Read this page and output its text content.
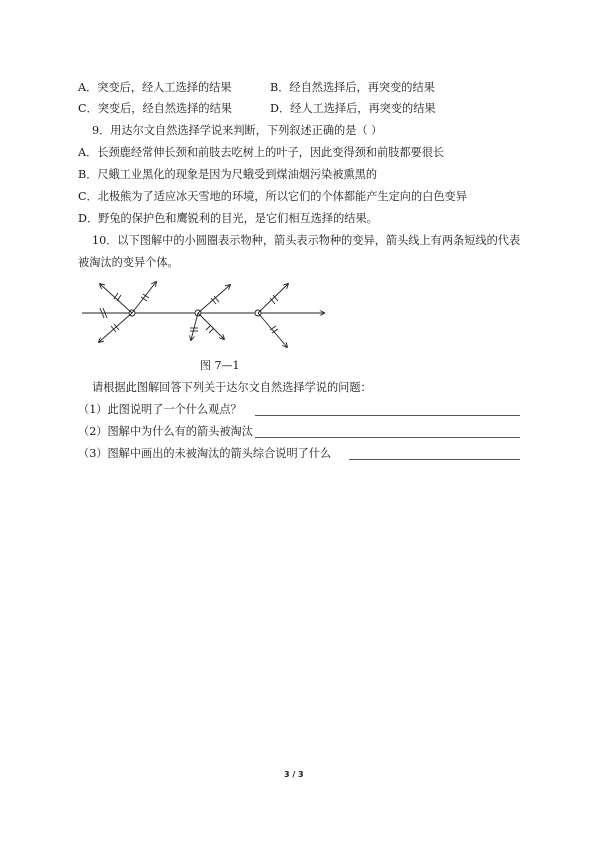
A．突变后，经人工选择的结果	B．经自然选择后，再突变的结果
C．突变后，经自然选择的结果	D．经人工选择后，再突变的结果
9．用达尔文自然选择学说来判断，下列叙述正确的是（ ）
A．长颈鹿经常伸长颈和前肢去吃树上的叶子，因此变得颈和前肢都要很长
B．尺蛾工业黑化的现象是因为尺蛾受到煤油烟污染被熏黑的
C．北极熊为了适应冰天雪地的环境，所以它们的个体都能产生定向的白色变异
D．野兔的保护色和鹰锐利的目光，是它们相互选择的结果。
10．以下图解中的小圆圈表示物种，箭头表示物种的变异，箭头线上有两条短线的代表
被淘汰的变异个体。
图 7—1
请根据此图解回答下列关于达尔文自然选择学说的问题：
（1）此图说明了一个什么观点？
（2）图解中为什么有的箭头被淘汰
（3）图解中画出的未被淘汰的箭头综合说明了什么
3 / 3
